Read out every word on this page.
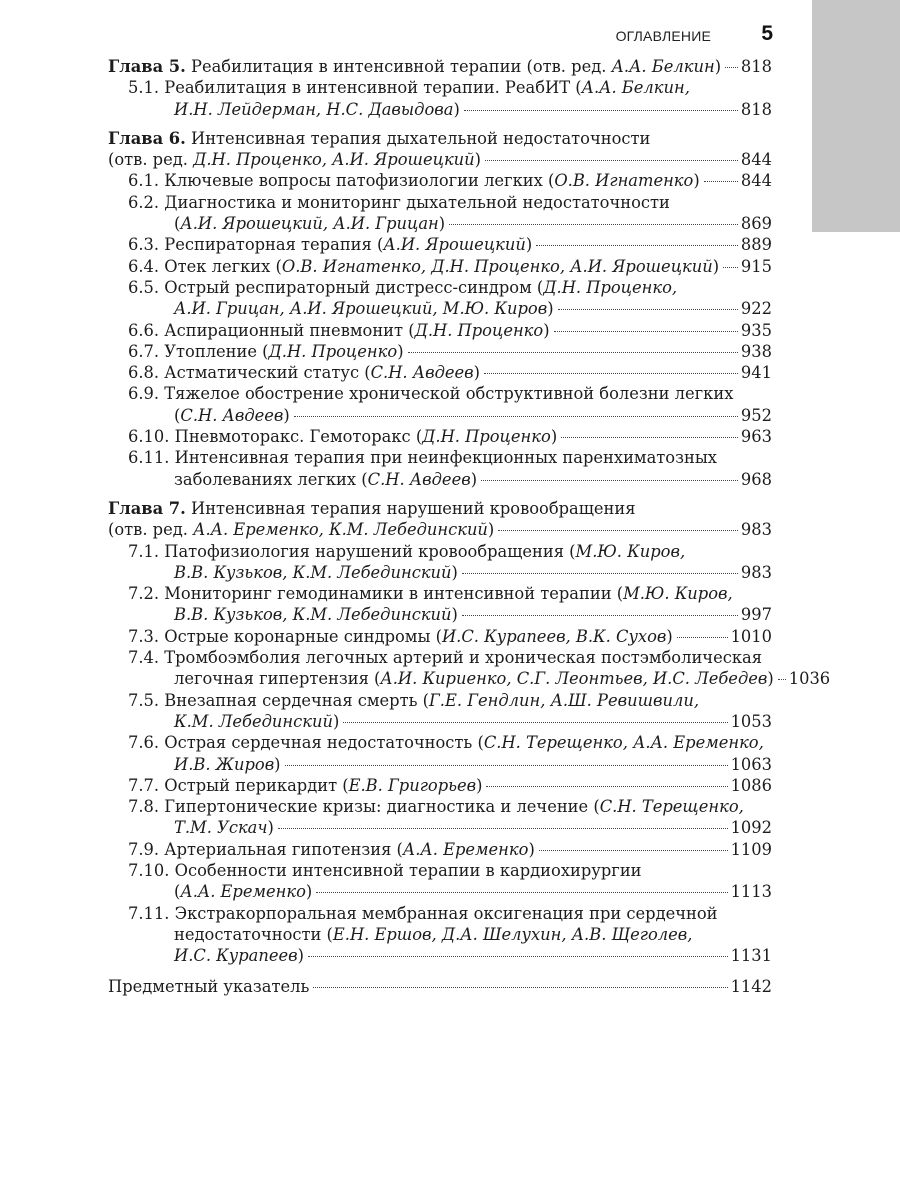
ОГЛАВЛЕНИЕ 5
Глава 5. Реабилитация в интенсивной терапии (отв. ред. А.А. Белкин) 818
5.1. Реабилитация в интенсивной терапии. РеабИТ (А.А. Белкин,
И.Н. Лейдерман, Н.С. Давыдова)	818
Глава 6. Интенсивная терапия дыхательной недостаточности
(отв. ред. Д.Н. Проценко, А.И. Ярошецкий)	844
6.1. Ключевые вопросы патофизиологии легких (О.В. Игнатенко)	844
6.2. Диагностика и мониторинг дыхательной недостаточности
(А.И. Ярошецкий, А.И. Грицан)	869
6.3. Респираторная терапия (А.И. Ярошецкий)	889
6.4. Отек легких (О.В. Игнатенко, Д.Н. Проценко, А.И. Ярошецкий) 915
6.5. Острый респираторный дистресс-синдром (Д.Н. Проценко,
А.И. Грицан, А.И. Ярошецкий, М.Ю. Киров)	922
6.6. Аспирационный пневмонит (Д.Н. Проценко)	935
6.7. Утопление (Д.Н. Проценко)	938
6.8. Астматический статус (С.Н. Авдеев)	941
6.9. Тяжелое обострение хронической обструктивной болезни легких
(С.Н. Авдеев)	952
6.10. Пневмоторакс. Гемоторакс (Д.Н. Проценко)	963
6.11. Интенсивная терапия при неинфекционных паренхиматозных
заболеваниях легких (С.Н. Авдеев)	968
Глава 7. Интенсивная терапия нарушений кровообращения
(отв. ред. А.А. Еременко, К.М. Лебединский)	983
7.1. Патофизиология нарушений кровообращения (М.Ю. Киров,
В.В. Кузьков, К.М. Лебединский)	983
7.2. Мониторинг гемодинамики в интенсивной терапии (М.Ю. Киров,
В.В. Кузьков, К.М. Лебединский)	997
7.3. Острые коронарные синдромы (И.С. Курапеев, В.К. Сухов)	1010
7.4. Тромбоэмболия легочных артерий и хроническая постэмболическая
легочная гипертензия (А.И. Кириенко, С.Г. Леонтьев, И.С. Лебедев) 1036
7.5. Внезапная сердечная смерть (Г.Е. Гендлин, А.Ш. Ревишвили,
К.М. Лебединский)	1053
7.6. Острая сердечная недостаточность (С.Н. Терещенко, А.А. Еременко,
И.В. Жиров)	1063
7.7. Острый перикардит (Е.В. Григорьев)	1086
7.8. Гипертонические кризы: диагностика и лечение (С.Н. Терещенко,
Т.М. Ускач)	1092
7.9. Артериальная гипотензия (А.А. Еременко)	1109
7.10. Особенности интенсивной терапии в кардиохирургии
(А.А. Еременко)	1113
7.11. Экстракорпоральная мембранная оксигенация при сердечной
недостаточности (Е.Н. Ершов, Д.А. Шелухин, А.В. Щеголев,
И.С. Курапеев)	1131
Предметный указатель	1142
